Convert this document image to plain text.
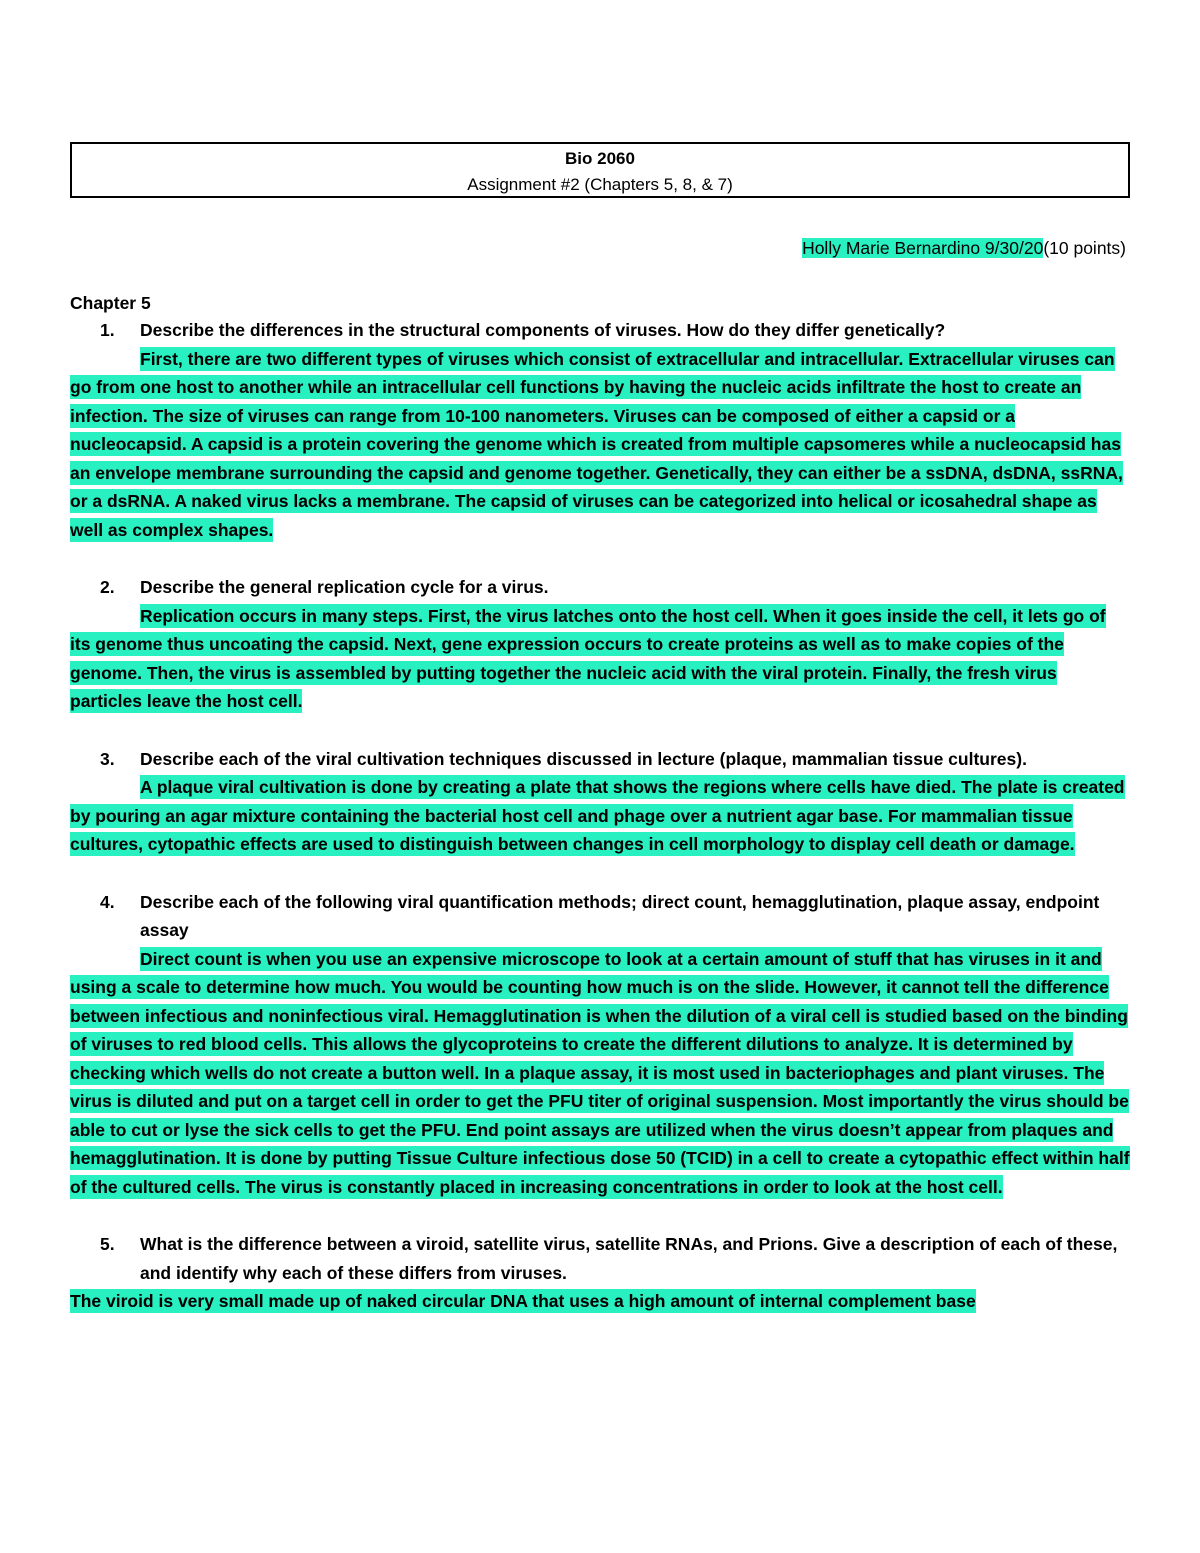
Bio 2060
Assignment #2 (Chapters 5, 8, & 7)
Holly Marie Bernardino 9/30/20(10 points)
Chapter 5
1.	Describe the differences in the structural components of viruses. How do they differ genetically?

First, there are two different types of viruses which consist of extracellular and intracellular. Extracellular viruses can go from one host to another while an intracellular cell functions by having the nucleic acids infiltrate the host to create an infection. The size of viruses can range from 10-100 nanometers. Viruses can be composed of either a capsid or a nucleocapsid. A capsid is a protein covering the genome which is created from multiple capsomeres while a nucleocapsid has an envelope membrane surrounding the capsid and genome together. Genetically, they can either be a ssDNA, dsDNA, ssRNA, or a dsRNA. A naked virus lacks a membrane. The capsid of viruses can be categorized into helical or icosahedral shape as well as complex shapes.

2.	Describe the general replication cycle for a virus.

Replication occurs in many steps. First, the virus latches onto the host cell. When it goes inside the cell, it lets go of its genome thus uncoating the capsid. Next, gene expression occurs to create proteins as well as to make copies of the genome. Then, the virus is assembled by putting together the nucleic acid with the viral protein. Finally, the fresh virus particles leave the host cell.

3.	Describe each of the viral cultivation techniques discussed in lecture (plaque, mammalian tissue cultures).

A plaque viral cultivation is done by creating a plate that shows the regions where cells have died. The plate is created by pouring an agar mixture containing the bacterial host cell and phage over a nutrient agar base. For mammalian tissue cultures, cytopathic effects are used to distinguish between changes in cell morphology to display cell death or damage.

4.	Describe each of the following viral quantification methods; direct count, hemagglutination, plaque assay, endpoint assay

Direct count is when you use an expensive microscope to look at a certain amount of stuff that has viruses in it and using a scale to determine how much. You would be counting how much is on the slide. However, it cannot tell the difference between infectious and noninfectious viral. Hemagglutination is when the dilution of a viral cell is studied based on the binding of viruses to red blood cells. This allows the glycoproteins to create the different dilutions to analyze. It is determined by checking which wells do not create a button well. In a plaque assay, it is most used in bacteriophages and plant viruses. The virus is diluted and put on a target cell in order to get the PFU titer of original suspension. Most importantly the virus should be able to cut or lyse the sick cells to get the PFU. End point assays are utilized when the virus doesn’t appear from plaques and hemagglutination. It is done by putting Tissue Culture infectious dose 50 (TCID) in a cell to create a cytopathic effect within half of the cultured cells. The virus is constantly placed in increasing concentrations in order to look at the host cell.

5.	What is the difference between a viroid, satellite virus, satellite RNAs, and Prions. Give a description of each of these, and identify why each of these differs from viruses.

The viroid is very small made up of naked circular DNA that uses a high amount of internal complement base
